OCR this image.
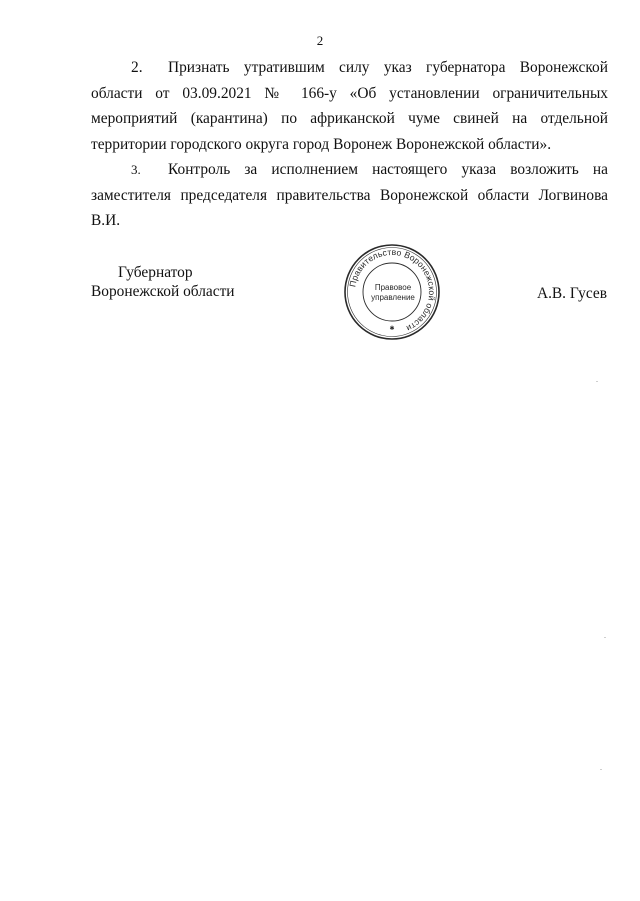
2

2. Признать утратившим силу указ губернатора Воронежской области от 03.09.2021 № 166-у «Об установлении ограничительных мероприятий (карантина) по африканской чуме свиней на отдельной территории городского округа город Воронеж Воронежской области».

3. Контроль за исполнением настоящего указа возложить на заместителя председателя правительства Воронежской области Логвинова В.И.

Губернатор
Воронежской области	Правительство Воронежской области
Правовое
управление
✱
А.В. Гусев
